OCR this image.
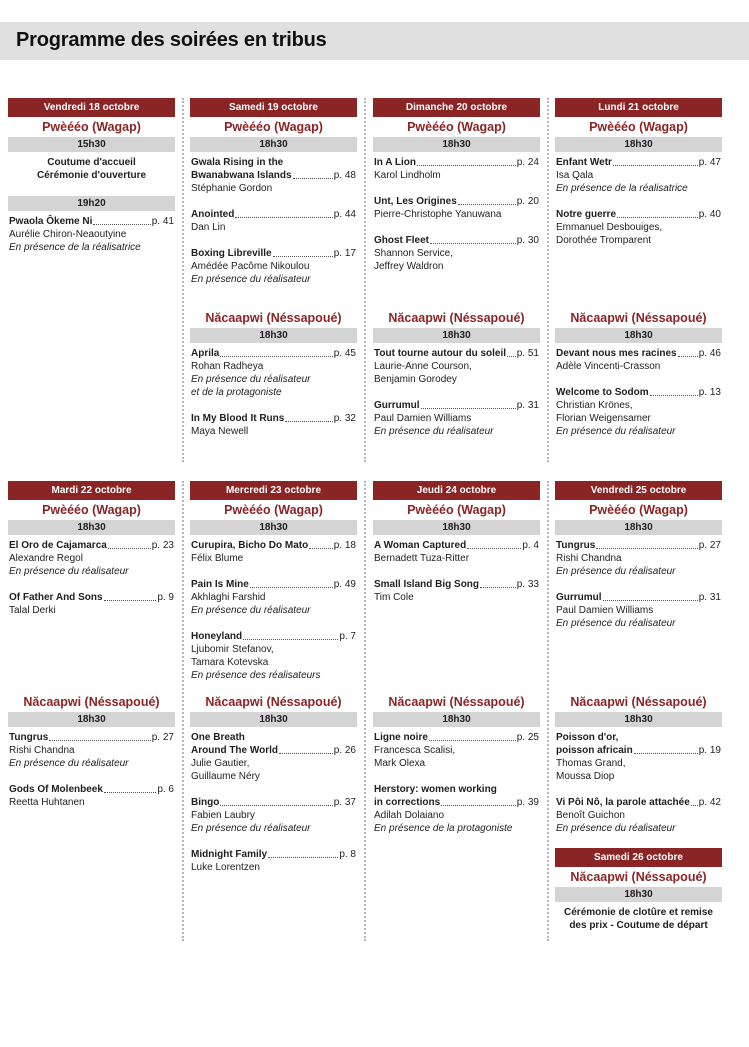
Programme des soirées en tribus
Vendredi 18 octobre
Pwèééo (Wagap)
15h30
Coutume d'accueil
Cérémonie d'ouverture
19h20
Pwaola Ôkeme Ni	p. 41
Aurélie Chiron-Neaoutyine
En présence de la réalisatrice
Samedi 19 octobre
Pwèééo (Wagap)
18h30
Gwala Rising in the
Bwanabwana Islands	p. 48
Stéphanie Gordon
Anointed	p. 44
Dan Lin
Boxing Libreville	p. 17
Amédée Pacôme Nikoulou
En présence du réalisateur
Năcaapwi (Néssapoué)
18h30
Aprila	p. 45
Rohan Radheya
En présence du réalisateur
et de la protagoniste
In My Blood It Runs	p. 32
Maya Newell
Dimanche 20 octobre
Pwèééo (Wagap)
18h30
In A Lion	p. 24
Karol Lindholm
Unt, Les Origines	p. 20
Pierre-Christophe Yanuwana
Ghost Fleet	p. 30
Shannon Service,
Jeffrey Waldron
Năcaapwi (Néssapoué)
18h30
Tout tourne autour du soleil p. 51
Laurie-Anne Courson,
Benjamin Gorodey
Gurrumul	p. 31
Paul Damien Williams
En présence du réalisateur
Lundi 21 octobre
Pwèééo (Wagap)
18h30
Enfant Wetr	p. 47
Isa Qala
En présence de la réalisatrice
Notre guerre	p. 40
Emmanuel Desbouiges,
Dorothée Tromparent
Năcaapwi (Néssapoué)
18h30
Devant nous mes racines p. 46
Adèle Vincenti-Crasson
Welcome to Sodom	p. 13
Christian Krönes,
Florian Weigensamer
En présence du réalisateur
Mardi 22 octobre
Pwèééo (Wagap)
18h30
El Oro de Cajamarca	p. 23
Alexandre Regol
En présence du réalisateur
Of Father And Sons	p. 9
Talal Derki
Năcaapwi (Néssapoué)
18h30
Tungrus	p. 27
Rishi Chandna
En présence du réalisateur
Gods Of Molenbeek	p. 6
Reetta Huhtanen
Mercredi 23 octobre
Pwèééo (Wagap)
18h30
Curupira, Bicho Do Mato	p. 18
Félix Blume
Pain Is Mine	p. 49
Akhlaghi Farshid
En présence du réalisateur
Honeyland	p. 7
Ljubomir Stefanov,
Tamara Kotevska
En présence des réalisateurs
Năcaapwi (Néssapoué)
18h30
One Breath
Around The World	p. 26
Julie Gautier,
Guillaume Néry
Bingo	p. 37
Fabien Laubry
En présence du réalisateur
Midnight Family	p. 8
Luke Lorentzen
Jeudi 24 octobre
Pwèééo (Wagap)
18h30
A Woman Captured	p. 4
Bernadett Tuza-Ritter
Small Island Big Song	p. 33
Tim Cole
Năcaapwi (Néssapoué)
18h30
Ligne noire	p. 25
Francesca Scalisi,
Mark Olexa
Herstory: women working
in corrections	p. 39
Adilah Dolaiano
En présence de la protagoniste
Vendredi 25 octobre
Pwèééo (Wagap)
18h30
Tungrus	p. 27
Rishi Chandna
En présence du réalisateur
Gurrumul	p. 31
Paul Damien Williams
En présence du réalisateur
Năcaapwi (Néssapoué)
18h30
Poisson d'or,
poisson africain	p. 19
Thomas Grand,
Moussa Diop
Vi Pôi Nô, la parole attachée p. 42
Benoît Guichon
En présence du réalisateur
Samedi 26 octobre
Năcaapwi (Néssapoué)
18h30
Cérémonie de clotûre et remise
des prix - Coutume de départ
